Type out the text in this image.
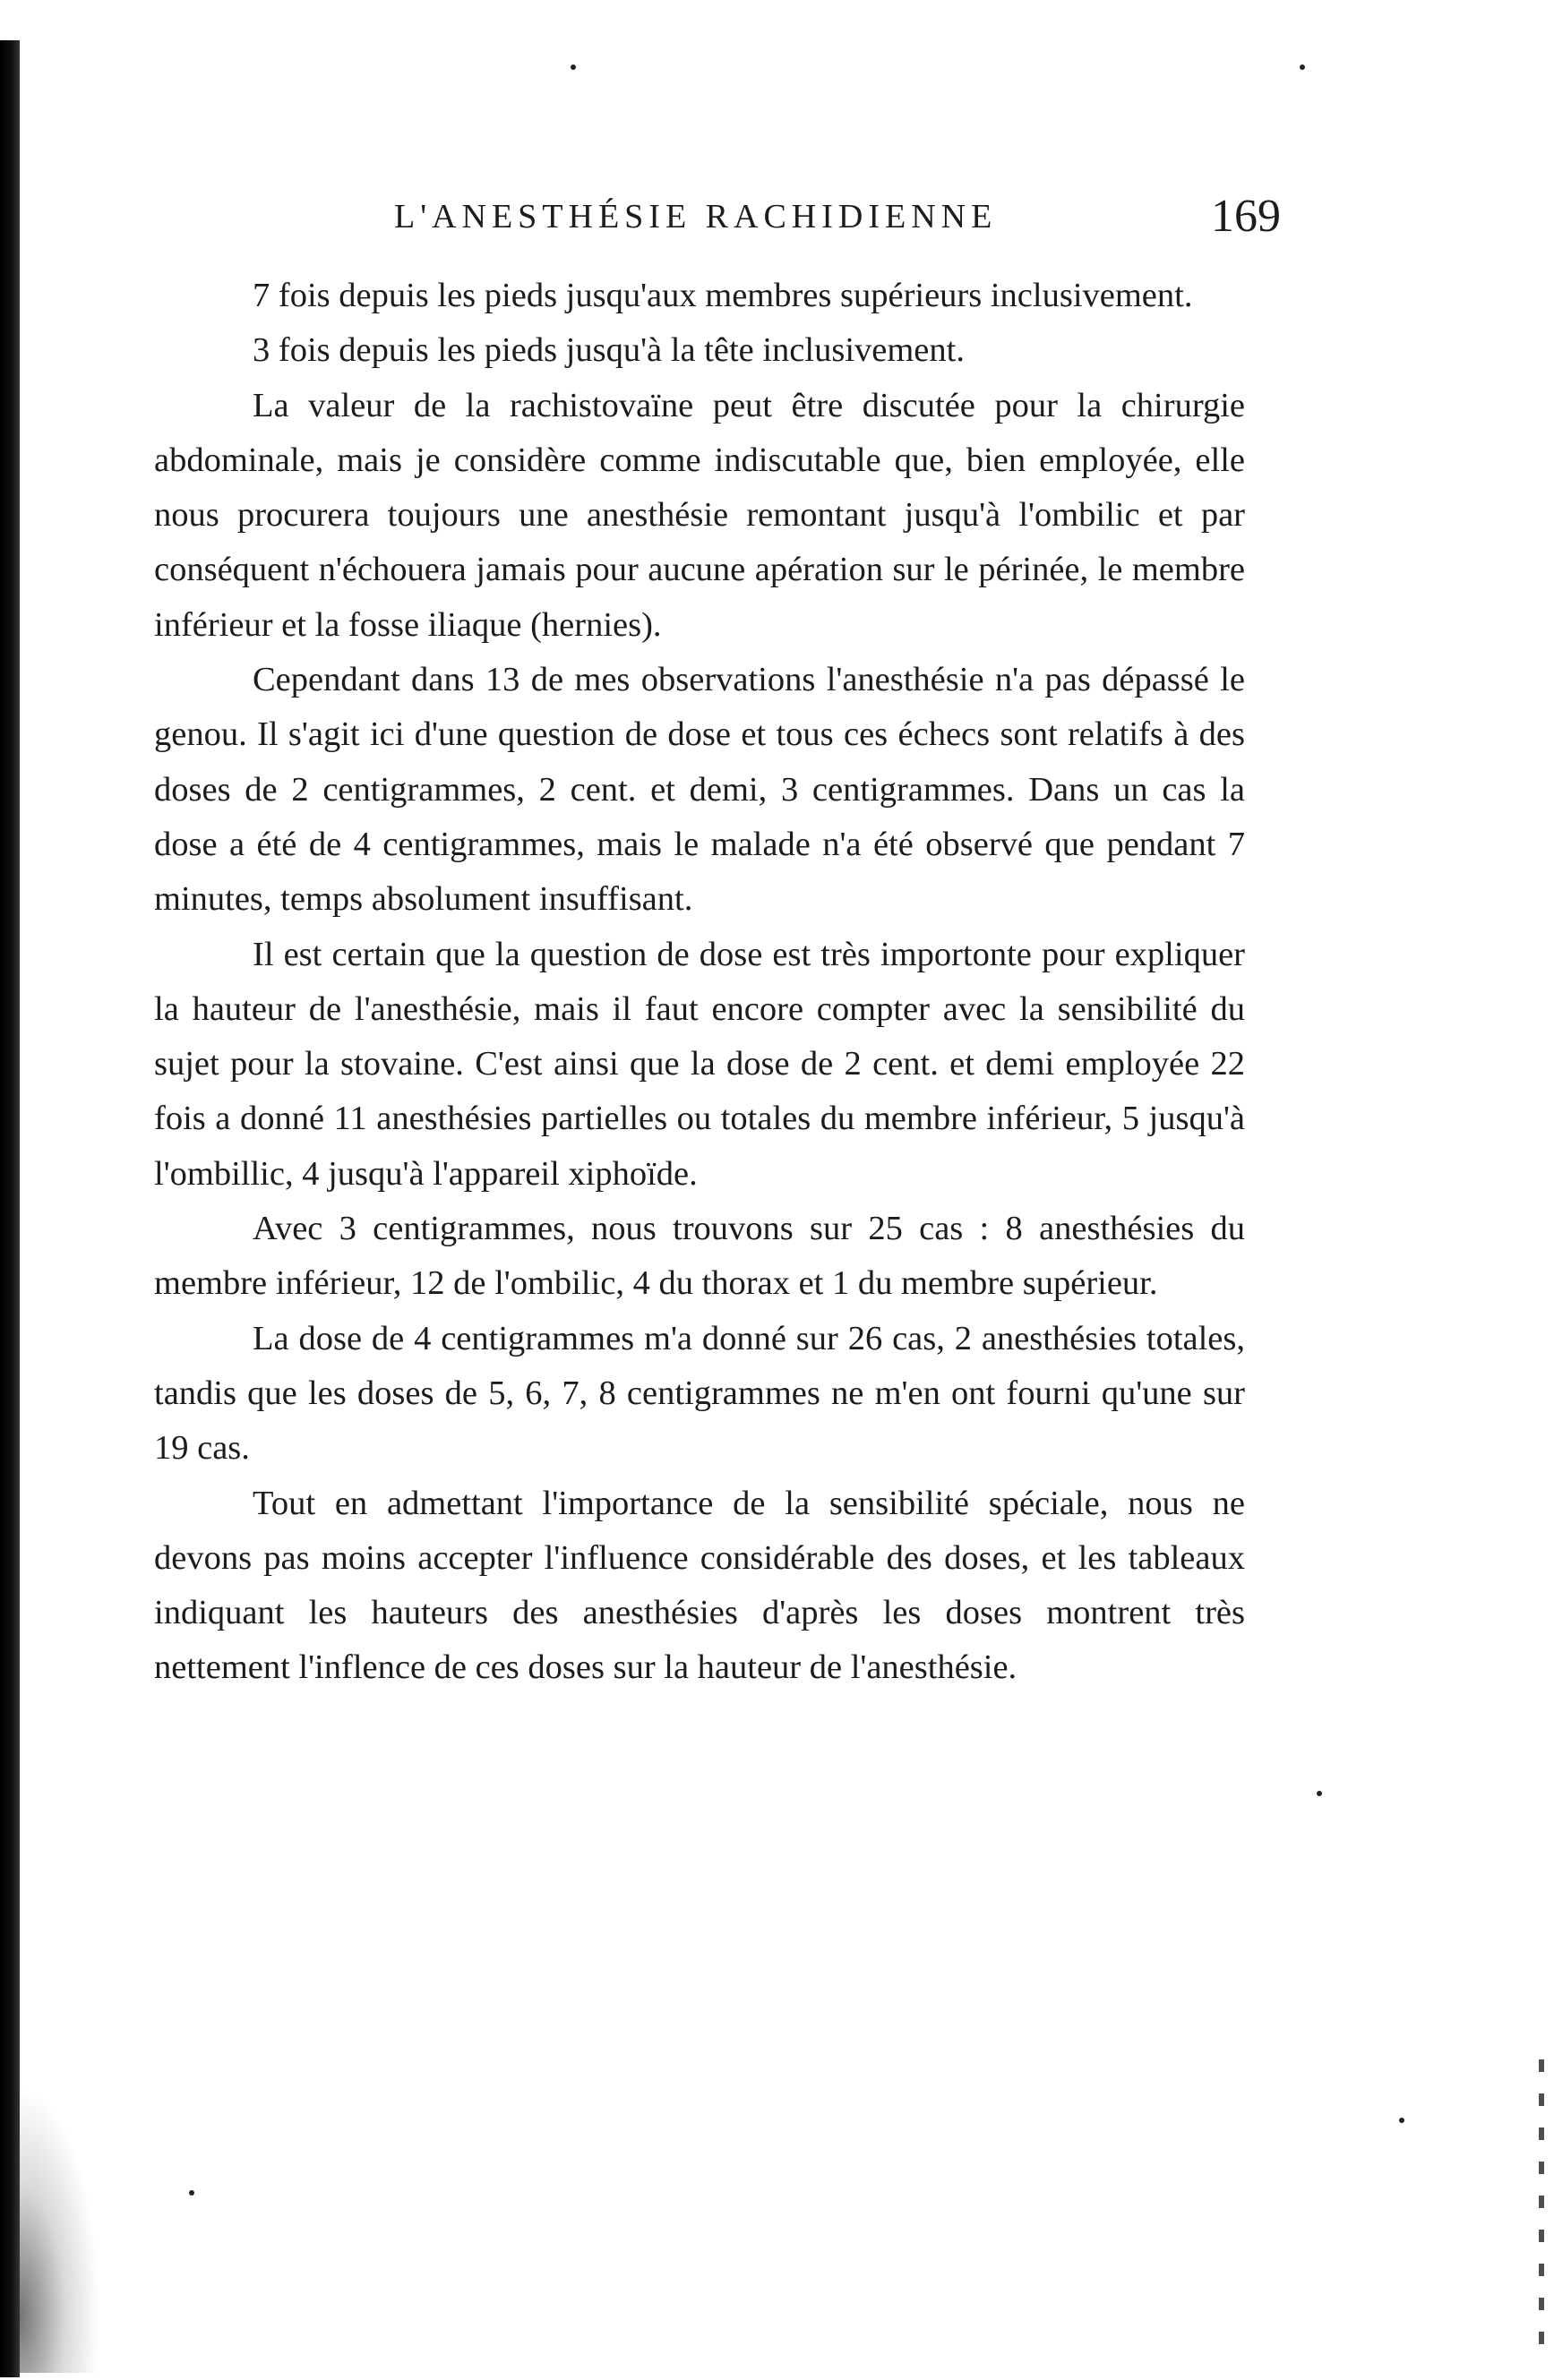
L'ANESTHÉSIE RACHIDIENNE	169

7 fois depuis les pieds jusqu'aux membres supérieurs inclusivement.

3 fois depuis les pieds jusqu'à la tête inclusivement.

La valeur de la rachistovaïne peut être discutée pour la chirurgie abdominale, mais je considère comme indiscutable que, bien employée, elle nous procurera toujours une anesthésie remontant jusqu'à l'ombilic et par conséquent n'échouera jamais pour aucune apération sur le périnée, le membre inférieur et la fosse iliaque (hernies).

Cependant dans 13 de mes observations l'anesthésie n'a pas dépassé le genou. Il s'agit ici d'une question de dose et tous ces échecs sont relatifs à des doses de 2 centigrammes, 2 cent. et demi, 3 centigrammes. Dans un cas la dose a été de 4 centigrammes, mais le malade n'a été observé que pendant 7 minutes, temps absolument insuffisant.

Il est certain que la question de dose est très importonte pour expliquer la hauteur de l'anesthésie, mais il faut encore compter avec la sensibilité du sujet pour la stovaine. C'est ainsi que la dose de 2 cent. et demi employée 22 fois a donné 11 anesthésies partielles ou totales du membre inférieur, 5 jusqu'à l'ombillic, 4 jusqu'à l'appareil xiphoïde.

Avec 3 centigrammes, nous trouvons sur 25 cas : 8 anesthésies du membre inférieur, 12 de l'ombilic, 4 du thorax et 1 du membre supérieur.

La dose de 4 centigrammes m'a donné sur 26 cas, 2 anesthésies totales, tandis que les doses de 5, 6, 7, 8 centigrammes ne m'en ont fourni qu'une sur 19 cas.

Tout en admettant l'importance de la sensibilité spéciale, nous ne devons pas moins accepter l'influence considérable des doses, et les tableaux indiquant les hauteurs des anesthésies d'après les doses montrent très nettement l'inflence de ces doses sur la hauteur de l'anesthésie.
